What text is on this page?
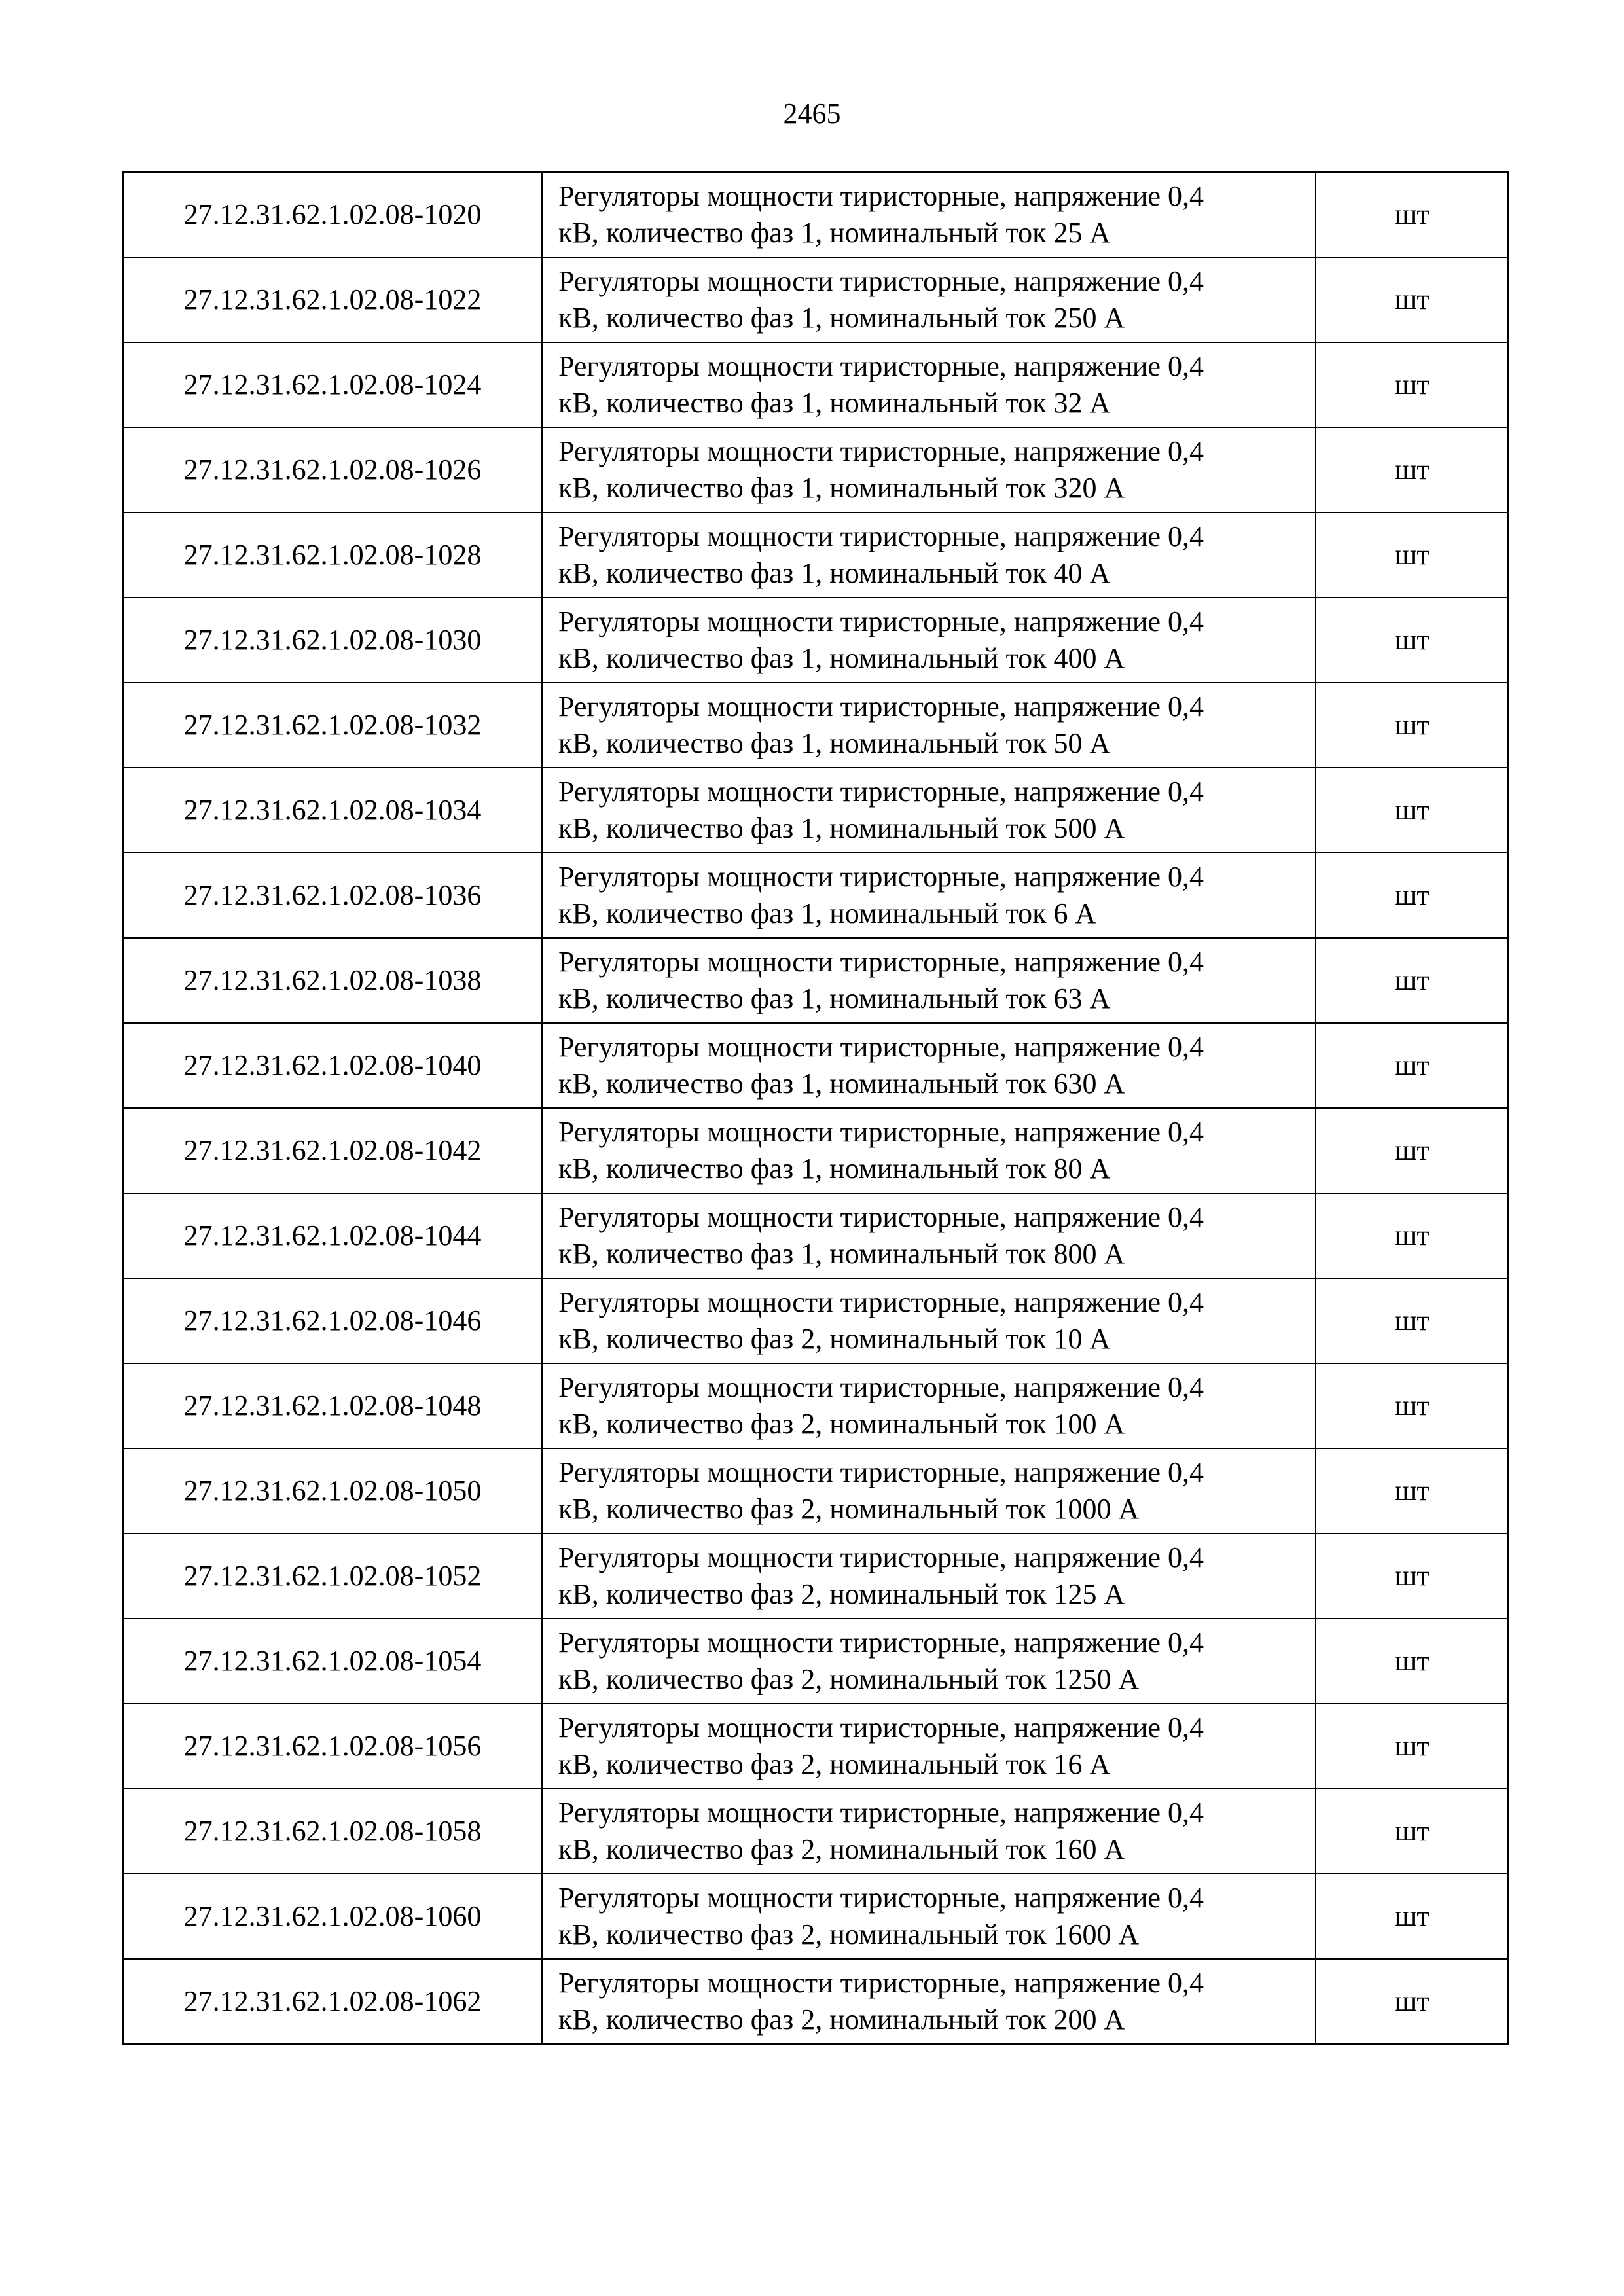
2465
27.12.31.62.1.02.08-1020	Регуляторы мощности тиристорные, напряжение 0,4
кВ, количество фаз 1, номинальный ток 25 А	шт
27.12.31.62.1.02.08-1022	Регуляторы мощности тиристорные, напряжение 0,4
кВ, количество фаз 1, номинальный ток 250 А	шт
27.12.31.62.1.02.08-1024	Регуляторы мощности тиристорные, напряжение 0,4
кВ, количество фаз 1, номинальный ток 32 А	шт
27.12.31.62.1.02.08-1026	Регуляторы мощности тиристорные, напряжение 0,4
кВ, количество фаз 1, номинальный ток 320 А	шт
27.12.31.62.1.02.08-1028	Регуляторы мощности тиристорные, напряжение 0,4
кВ, количество фаз 1, номинальный ток 40 А	шт
27.12.31.62.1.02.08-1030	Регуляторы мощности тиристорные, напряжение 0,4
кВ, количество фаз 1, номинальный ток 400 А	шт
27.12.31.62.1.02.08-1032	Регуляторы мощности тиристорные, напряжение 0,4
кВ, количество фаз 1, номинальный ток 50 А	шт
27.12.31.62.1.02.08-1034	Регуляторы мощности тиристорные, напряжение 0,4
кВ, количество фаз 1, номинальный ток 500 А	шт
27.12.31.62.1.02.08-1036	Регуляторы мощности тиристорные, напряжение 0,4
кВ, количество фаз 1, номинальный ток 6 А	шт
27.12.31.62.1.02.08-1038	Регуляторы мощности тиристорные, напряжение 0,4
кВ, количество фаз 1, номинальный ток 63 А	шт
27.12.31.62.1.02.08-1040	Регуляторы мощности тиристорные, напряжение 0,4
кВ, количество фаз 1, номинальный ток 630 А	шт
27.12.31.62.1.02.08-1042	Регуляторы мощности тиристорные, напряжение 0,4
кВ, количество фаз 1, номинальный ток 80 А	шт
27.12.31.62.1.02.08-1044	Регуляторы мощности тиристорные, напряжение 0,4
кВ, количество фаз 1, номинальный ток 800 А	шт
27.12.31.62.1.02.08-1046	Регуляторы мощности тиристорные, напряжение 0,4
кВ, количество фаз 2, номинальный ток 10 А	шт
27.12.31.62.1.02.08-1048	Регуляторы мощности тиристорные, напряжение 0,4
кВ, количество фаз 2, номинальный ток 100 А	шт
27.12.31.62.1.02.08-1050	Регуляторы мощности тиристорные, напряжение 0,4
кВ, количество фаз 2, номинальный ток 1000 А	шт
27.12.31.62.1.02.08-1052	Регуляторы мощности тиристорные, напряжение 0,4
кВ, количество фаз 2, номинальный ток 125 А	шт
27.12.31.62.1.02.08-1054	Регуляторы мощности тиристорные, напряжение 0,4
кВ, количество фаз 2, номинальный ток 1250 А	шт
27.12.31.62.1.02.08-1056	Регуляторы мощности тиристорные, напряжение 0,4
кВ, количество фаз 2, номинальный ток 16 А	шт
27.12.31.62.1.02.08-1058	Регуляторы мощности тиристорные, напряжение 0,4
кВ, количество фаз 2, номинальный ток 160 А	шт
27.12.31.62.1.02.08-1060	Регуляторы мощности тиристорные, напряжение 0,4
кВ, количество фаз 2, номинальный ток 1600 А	шт
27.12.31.62.1.02.08-1062	Регуляторы мощности тиристорные, напряжение 0,4
кВ, количество фаз 2, номинальный ток 200 А	шт
